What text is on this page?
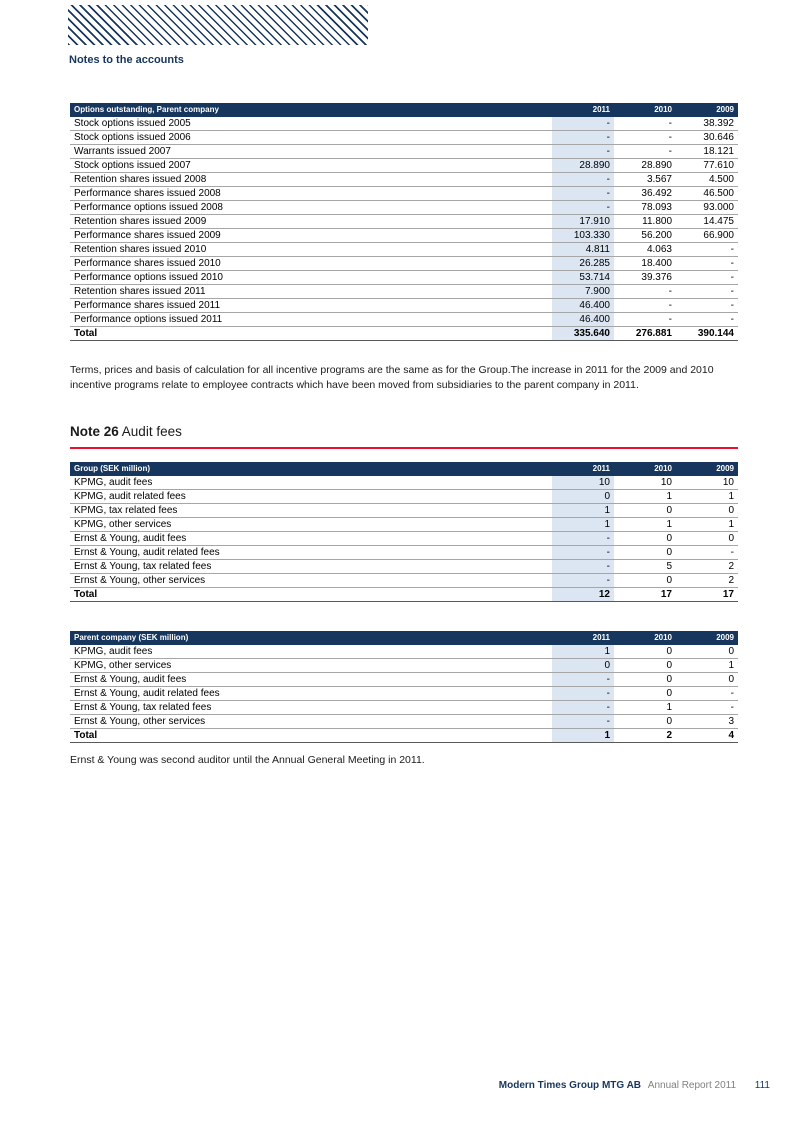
Notes to the accounts
Options outstanding, Parent company	2011	2010	2009
Stock options issued 2005	-	-	38.392
Stock options issued 2006	-	-	30.646
Warrants issued 2007	-	-	18.121
Stock options issued 2007	28.890	28.890	77.610
Retention shares issued 2008	-	3.567	4.500
Performance shares issued 2008	-	36.492	46.500
Performance options issued 2008	-	78.093	93.000
Retention shares issued 2009	17.910	11.800	14.475
Performance shares issued 2009	103.330	56.200	66.900
Retention shares issued 2010	4.811	4.063	-
Performance shares issued 2010	26.285	18.400	-
Performance options issued 2010	53.714	39.376	-
Retention shares issued 2011	7.900	-	-
Performance shares issued 2011	46.400	-	-
Performance options issued 2011	46.400	-	-
Total	335.640	276.881	390.144

Terms, prices and basis of calculation for all incentive programs are the same as for the Group.The increase in 2011 for the 2009 and 2010 incentive programs relate to employee contracts which have been moved from subsidiaries to the parent company in 2011.

Note 26 Audit fees
Group (SEK million)	2011	2010	2009
KPMG, audit fees	10	10	10
KPMG, audit related fees	0	1	1
KPMG, tax related fees	1	0	0
KPMG, other services	1	1	1
Ernst & Young, audit fees	-	0	0
Ernst & Young, audit related fees	-	0	-
Ernst & Young, tax related fees	-	5	2
Ernst & Young, other services	-	0	2
Total	12	17	17
Parent company (SEK million)	2011	2010	2009
KPMG, audit fees	1	0	0
KPMG, other services	0	0	1
Ernst & Young, audit fees	-	0	0
Ernst & Young, audit related fees	-	0	-
Ernst & Young, tax related fees	-	1	-
Ernst & Young, other services	-	0	3
Total	1	2	4

Ernst & Young was second auditor until the Annual General Meeting in 2011.

Modern Times Group MTG AB Annual Report 2011 111
